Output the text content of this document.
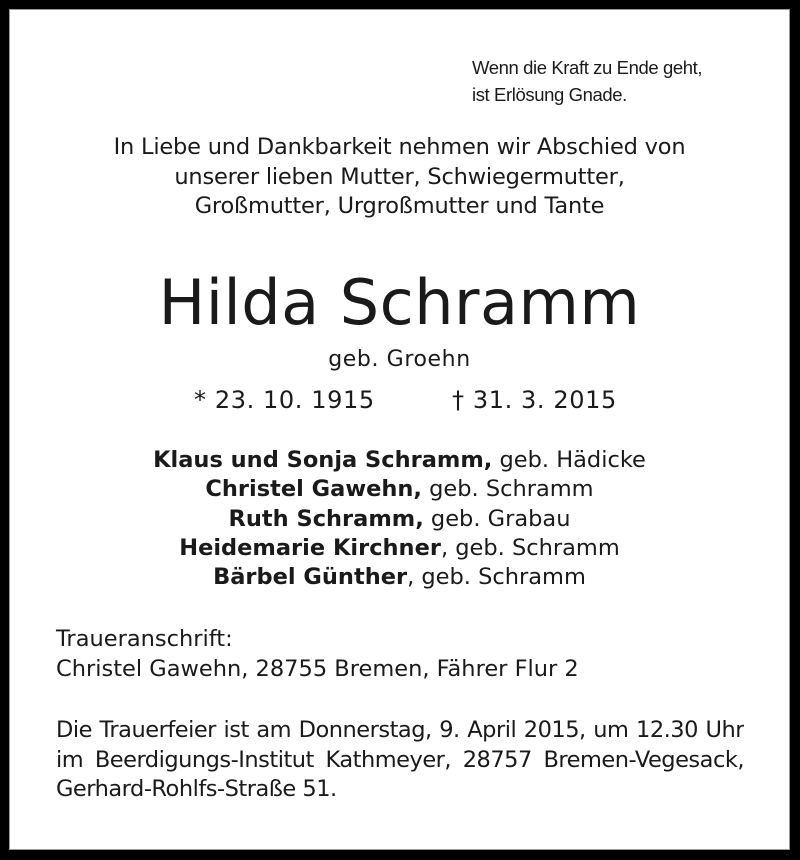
Wenn die Kraft zu Ende geht,
ist Erlösung Gnade.
In Liebe und Dankbarkeit nehmen wir Abschied von
unserer lieben Mutter, Schwiegermutter,
Großmutter, Urgroßmutter und Tante
Hilda Schramm
geb. Groehn
* 23. 10. 1915	† 31. 3. 2015
Klaus und Sonja Schramm, geb. Hädicke
Christel Gawehn, geb. Schramm
Ruth Schramm, geb. Grabau
Heidemarie Kirchner, geb. Schramm
Bärbel Günther, geb. Schramm
Traueranschrift:
Christel Gawehn, 28755 Bremen, Fährer Flur 2
Die Trauerfeier ist am Donnerstag, 9. April 2015, um 12.30 Uhr
im Beerdigungs-Institut Kathmeyer, 28757 Bremen-Vegesack,
Gerhard-Rohlfs-Straße 51.
